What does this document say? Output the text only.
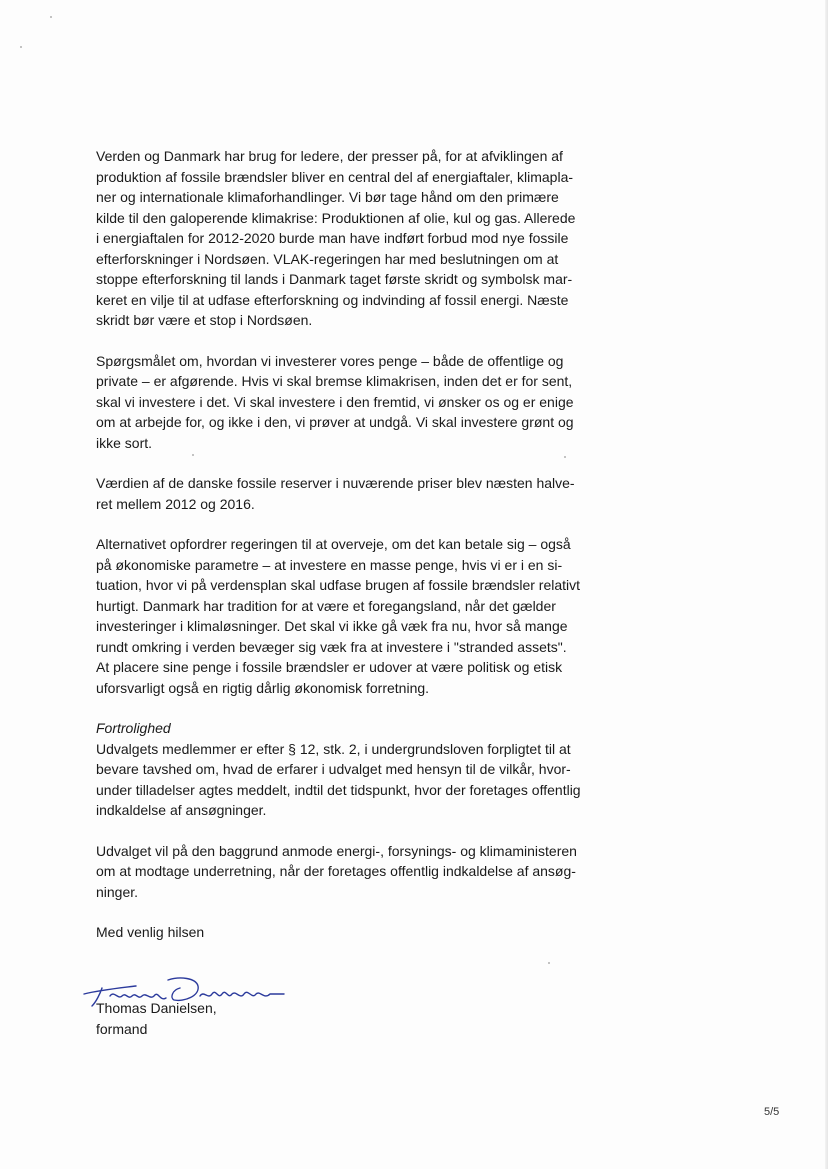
Verden og Danmark har brug for ledere, der presser på, for at afviklingen af
produktion af fossile brændsler bliver en central del af energiaftaler, klimapla-
ner og internationale klimaforhandlinger. Vi bør tage hånd om den primære
kilde til den galoperende klimakrise: Produktionen af olie, kul og gas. Allerede
i energiaftalen for 2012-2020 burde man have indført forbud mod nye fossile
efterforskninger i Nordsøen. VLAK-regeringen har med beslutningen om at
stoppe efterforskning til lands i Danmark taget første skridt og symbolsk mar-
keret en vilje til at udfase efterforskning og indvinding af fossil energi. Næste
skridt bør være et stop i Nordsøen.

Spørgsmålet om, hvordan vi investerer vores penge – både de offentlige og
private – er afgørende. Hvis vi skal bremse klimakrisen, inden det er for sent,
skal vi investere i det. Vi skal investere i den fremtid, vi ønsker os og er enige
om at arbejde for, og ikke i den, vi prøver at undgå. Vi skal investere grønt og
ikke sort.

Værdien af de danske fossile reserver i nuværende priser blev næsten halve-
ret mellem 2012 og 2016.

Alternativet opfordrer regeringen til at overveje, om det kan betale sig – også
på økonomiske parametre – at investere en masse penge, hvis vi er i en si-
tuation, hvor vi på verdensplan skal udfase brugen af fossile brændsler relativt
hurtigt. Danmark har tradition for at være et foregangsland, når det gælder
investeringer i klimaløsninger. Det skal vi ikke gå væk fra nu, hvor så mange
rundt omkring i verden bevæger sig væk fra at investere i "stranded assets".
At placere sine penge i fossile brændsler er udover at være politisk og etisk
uforsvarligt også en rigtig dårlig økonomisk forretning.

Fortrolighed
Udvalgets medlemmer er efter § 12, stk. 2, i undergrundsloven forpligtet til at
bevare tavshed om, hvad de erfarer i udvalget med hensyn til de vilkår, hvor-
under tilladelser agtes meddelt, indtil det tidspunkt, hvor der foretages offentlig
indkaldelse af ansøgninger.

Udvalget vil på den baggrund anmode energi-, forsynings- og klimaministeren
om at modtage underretning, når der foretages offentlig indkaldelse af ansøg-
ninger.

Med venlig hilsen

Thomas Danielsen,
formand
5/5
